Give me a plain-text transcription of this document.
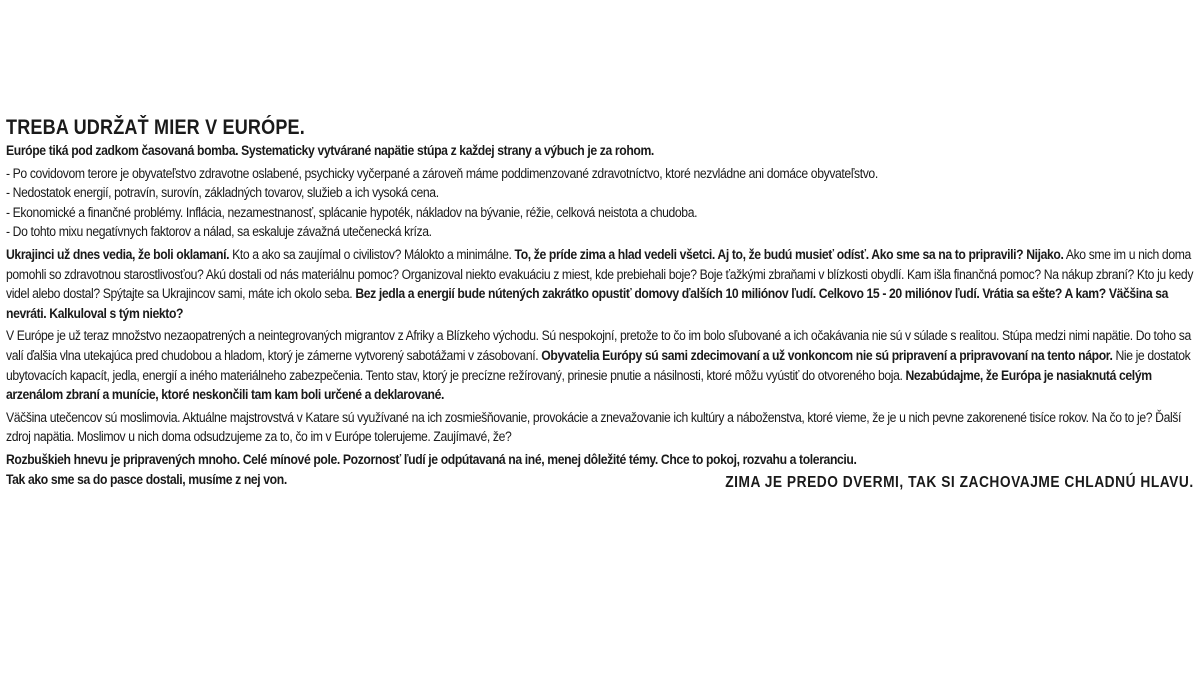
TREBA UDRŽAŤ MIER V EURÓPE.
Európe tiká pod zadkom časovaná bomba. Systematicky vytvárané napätie stúpa z každej strany a výbuch je za rohom.
- Po covidovom terore je obyvateľstvo zdravotne oslabené, psychicky vyčerpané a zároveň máme poddimenzované zdravotníctvo, ktoré nezvládne ani domáce obyvateľstvo.
- Nedostatok energií, potravín, surovín, základných tovarov, služieb a ich vysoká cena.
- Ekonomické a finančné problémy. Inflácia, nezamestnanosť, splácanie hypoték, nákladov na bývanie, réžie, celková neistota a chudoba.
- Do tohto mixu negatívnych faktorov a nálad, sa eskaluje závažná utečenecká kríza.
Ukrajinci už dnes vedia, že boli oklamaní. Kto a ako sa zaujímal o civilistov? Málokto a minimálne. To, že príde zima a hlad vedeli všetci. Aj to, že budú musieť odísť. Ako sme sa na to pripravili? Nijako. Ako sme im u nich doma pomohli so zdravotnou starostlivosťou? Akú dostali od nás materiálnu pomoc? Organizoval niekto evakuáciu z miest, kde prebiehali boje? Boje ťažkými zbraňami v blízkosti obydlí. Kam išla finančná pomoc? Na nákup zbraní? Kto ju kedy videl alebo dostal? Spýtajte sa Ukrajincov sami, máte ich okolo seba. Bez jedla a energií bude nútených zakrátko opustiť domovy ďalších 10 miliónov ľudí. Celkovo 15 - 20 miliónov ľudí. Vrátia sa ešte? A kam? Väčšina sa nevráti. Kalkuloval s tým niekto?
V Európe je už teraz množstvo nezaopatrených a neintegrovaných migrantov z Afriky a Blízkeho východu. Sú nespokojní, pretože to čo im bolo sľubované a ich očakávania nie sú v súlade s realitou. Stúpa medzi nimi napätie. Do toho sa valí ďalšia vlna utekajúca pred chudobou a hladom, ktorý je zámerne vytvorený sabotážami v zásobovaní. Obyvatelia Európy sú sami zdecimovaní a už vonkoncom nie sú pripravení a pripravovaní na tento nápor. Nie je dostatok ubytovacích kapacít, jedla, energií a iného materiálneho zabezpečenia. Tento stav, ktorý je precízne režírovaný, prinesie pnutie a násilnosti, ktoré môžu vyústiť do otvoreného boja. Nezabúdajme, že Európa je nasiaknutá celým arzenálom zbraní a munície, ktoré neskončili tam kam boli určené a deklarované.
Väčšina utečencov sú moslimovia. Aktuálne majstrovstvá v Katare sú využívané na ich zosmiešňovanie, provokácie a znevažovanie ich kultúry a náboženstva, ktoré vieme, že je u nich pevne zakorenené tisíce rokov. Na čo to je? Ďalší zdroj napätia. Moslimov u nich doma odsudzujeme za to, čo im v Európe tolerujeme. Zaujímavé, že?
Rozbuškieh hnevu je pripravených mnoho. Celé mínové pole. Pozornosť ľudí je odpútavaná na iné, menej dôležité témy. Chce to pokoj, rozvahu a toleranciu.
Tak ako sme sa do pasce dostali, musíme z nej von.	ZIMA JE PREDO DVERMI, TAK SI ZACHOVAJME CHLADNÚ HLAVU.
